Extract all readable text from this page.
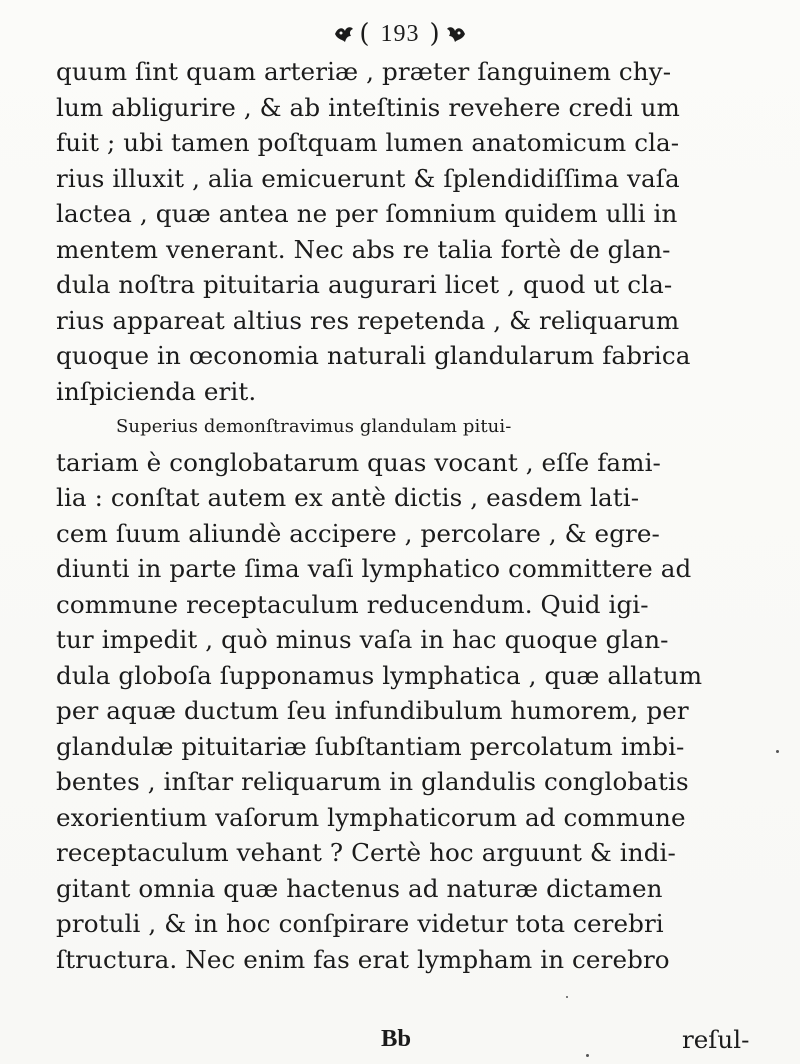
( 193 )
quum ſint quam arteriæ , præter ſanguinem chy-
lum abligurire , & ab inteſtinis revehere credi um
fuit ; ubi tamen poſtquam lumen anatomicum cla-
rius illuxit , alia emicuerunt & ſplendidiſſima vaſa
lactea , quæ antea ne per ſomnium quidem ulli in
mentem venerant. Nec abs re talia fortè de glan-
dula noſtra pituitaria augurari licet , quod ut cla-
rius appareat altius res repetenda , & reliquarum
quoque in œconomia naturali glandularum fabrica
inſpicienda erit.
Superius demonſtravimus glandulam pitui-
tariam è conglobatarum quas vocant , eſſe fami-
lia : conſtat autem ex antè dictis , easdem lati-
cem ſuum aliundè accipere , percolare , & egre-
diunti in parte ſima vaſi lymphatico committere ad
commune receptaculum reducendum. Quid igi-
tur impedit , quò minus vaſa in hac quoque glan-
dula globoſa ſupponamus lymphatica , quæ allatum
per aquæ ductum ſeu infundibulum humorem, per
glandulæ pituitariæ ſubſtantiam percolatum imbi-
bentes , inſtar reliquarum in glandulis conglobatis
exorientium vaſorum lymphaticorum ad commune
receptaculum vehant ? Certè hoc arguunt & indi-
gitant omnia quæ hactenus ad naturæ dictamen
protuli , & in hoc conſpirare videtur tota cerebri
ſtructura. Nec enim fas erat lympham in cerebro
Bb	reſul-
